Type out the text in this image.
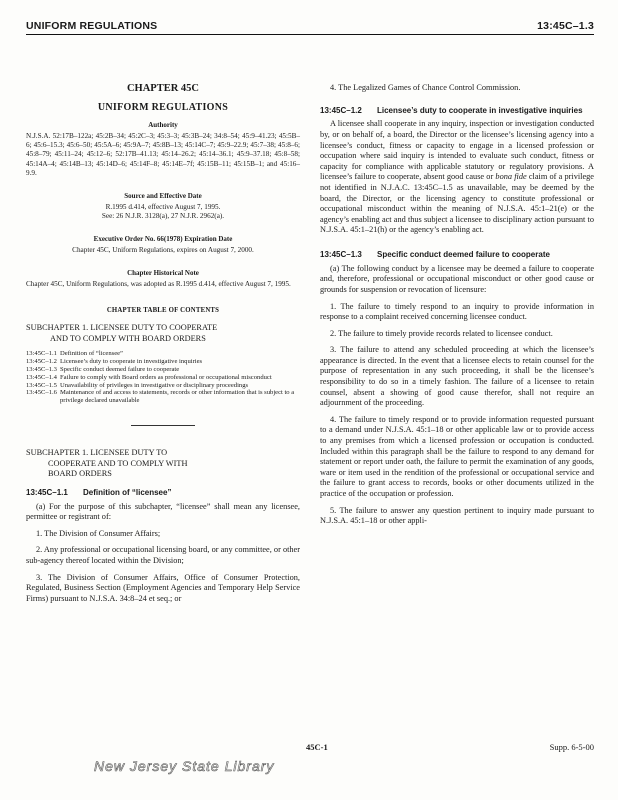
UNIFORM REGULATIONS	13:45C–1.3
CHAPTER 45C
UNIFORM REGULATIONS
Authority
N.J.S.A. 52:17B–122a; 45:2B–34; 45:2C–3; 45:3–3; 45:3B–24; 34:8–54; 45:9–41.23; 45:5B–6; 45:6–15.3; 45:6–50; 45:5A–6; 45:9A–7; 45:8B–13; 45:14C–7; 45:9–22.9; 45:7–38; 45:8–6; 45:8–79; 45:11–24; 45:12–6; 52:17B–41.13; 45:14–26.2; 45:14–36.1; 45:9–37.18; 45:8–58; 45:14A–4; 45:14B–13; 45:14D–6; 45:14F–8; 45:14E–7f; 45:15B–11; 45:15B–1; and 45:16–9.9.
Source and Effective Date
R.1995 d.414, effective August 7, 1995.
See: 26 N.J.R. 3128(a), 27 N.J.R. 2962(a).
Executive Order No. 66(1978) Expiration Date
Chapter 45C, Uniform Regulations, expires on August 7, 2000.
Chapter Historical Note
Chapter 45C, Uniform Regulations, was adopted as R.1995 d.414, effective August 7, 1995.
CHAPTER TABLE OF CONTENTS

SUBCHAPTER 1. LICENSEE DUTY TO COOPERATE
AND TO COMPLY WITH BOARD ORDERS

13:45C–1.1 Definition of “licensee”
13:45C–1.2 Licensee’s duty to cooperate in investigative inquiries
13:45C–1.3 Specific conduct deemed failure to cooperate
13:45C–1.4 Failure to comply with Board orders as professional or occupational misconduct
13:45C–1.5 Unavailability of privileges in investigative or disciplinary proceedings
13:45C–1.6 Maintenance of and access to statements, records or other information that is subject to a privilege declared unavailable

SUBCHAPTER 1. LICENSEE DUTY TO
COOPERATE AND TO COMPLY WITH
BOARD ORDERS

13:45C–1.1 Definition of “licensee”

(a) For the purpose of this subchapter, “licensee” shall mean any licensee, permittee or registrant of:

1. The Division of Consumer Affairs;

2. Any professional or occupational licensing board, or any committee, or other sub-agency thereof located within the Division;

3. The Division of Consumer Affairs, Office of Consumer Protection, Regulated, Business Section (Employment Agencies and Temporary Help Service Firms) pursuant to N.J.S.A. 34:8–24 et seq.; or

4. The Legalized Games of Chance Control Commission.

13:45C–1.2	Licensee’s duty to cooperate in investigative inquiries

A licensee shall cooperate in any inquiry, inspection or investigation conducted by, or on behalf of, a board, the Director or the licensee’s licensing agency into a licensee’s conduct, fitness or capacity to engage in a licensed profession or occupation where said inquiry is intended to evaluate such conduct, fitness or capacity for compliance with applicable statutory or regulatory provisions. A licensee’s failure to cooperate, absent good cause or bona fide claim of a privilege not identified in N.J.A.C. 13:45C–1.5 as unavailable, may be deemed by the board, the Director, or the licensing agency to constitute professional or occupational misconduct within the meaning of N.J.S.A. 45:1–21(e) or the agency’s enabling act and thus subject a licensee to disciplinary action pursuant to N.J.S.A. 45:1–21(h) or the agency’s enabling act.

13:45C–1.3 Specific conduct deemed failure to cooperate

(a) The following conduct by a licensee may be deemed a failure to cooperate and, therefore, professional or occupational misconduct or other good cause or grounds for suspension or revocation of licensure:

1. The failure to timely respond to an inquiry to provide information in response to a complaint received concerning licensee conduct.

2. The failure to timely provide records related to licensee conduct.

3. The failure to attend any scheduled proceeding at which the licensee’s appearance is directed. In the event that a licensee elects to retain counsel for the purpose of representation in any such proceeding, it shall be the licensee’s responsibility to do so in a timely fashion. The failure of a licensee to retain counsel, absent a showing of good cause therefor, shall not require an adjournment of the proceeding.

4. The failure to timely respond or to provide information requested pursuant to a demand under N.J.S.A. 45:1–18 or other applicable law or to provide access to any premises from which a licensed profession or occupation is conducted. Included within this paragraph shall be the failure to respond to any demand for statement or report under oath, the failure to permit the examination of any goods, ware or item used in the rendition of the professional or occupational service and the failure to grant access to records, books or other documents utilized in the practice of the occupation or profession.

5. The failure to answer any question pertinent to inquiry made pursuant to N.J.S.A. 45:1–18 or other appli-

45C-1	Supp. 6-5-00
New Jersey State Library
